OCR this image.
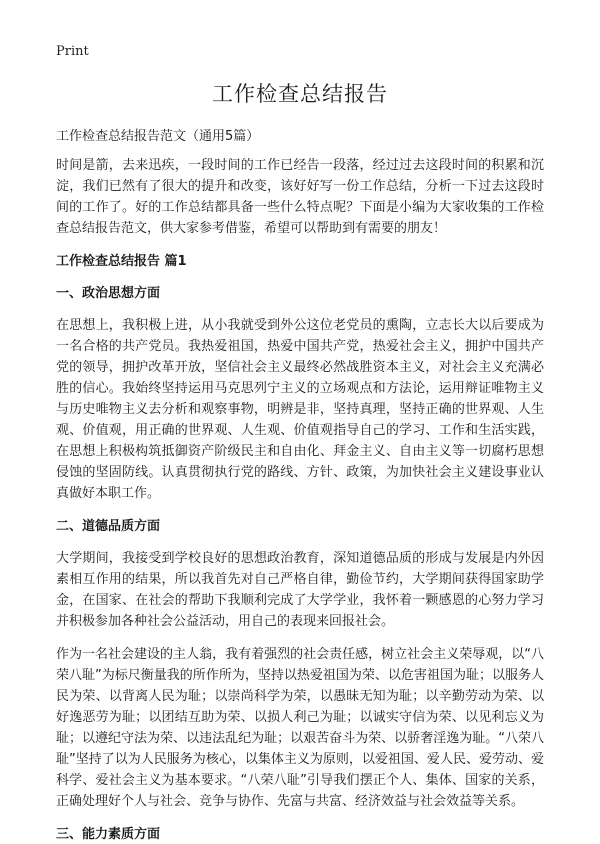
Print
工作检查总结报告
工作检查总结报告范文（通用5篇）

时间是箭，去来迅疾，一段时间的工作已经告一段落，经过过去这段时间的积累和沉淀，我们已然有了很大的提升和改变，该好好写一份工作总结，分析一下过去这段时间的工作了。好的工作总结都具备一些什么特点呢？下面是小编为大家收集的工作检查总结报告范文，供大家参考借鉴，希望可以帮助到有需要的朋友！

工作检查总结报告 篇1
一、政治思想方面

在思想上，我积极上进，从小我就受到外公这位老党员的熏陶，立志长大以后要成为一名合格的共产党员。我热爱祖国，热爱中国共产党，热爱社会主义，拥护中国共产党的领导，拥护改革开放，坚信社会主义最终必然战胜资本主义，对社会主义充满必胜的信心。我始终坚持运用马克思列宁主义的立场观点和方法论，运用辩证唯物主义与历史唯物主义去分析和观察事物，明辨是非，坚持真理，坚持正确的世界观、人生观、价值观，用正确的世界观、人生观、价值观指导自己的学习、工作和生活实践，在思想上积极构筑抵御资产阶级民主和自由化、拜金主义、自由主义等一切腐朽思想侵蚀的坚固防线。认真贯彻执行党的路线、方针、政策，为加快社会主义建设事业认真做好本职工作。

二、道德品质方面

大学期间，我接受到学校良好的思想政治教育，深知道德品质的形成与发展是内外因素相互作用的结果，所以我首先对自己严格自律，勤俭节约，大学期间获得国家助学金，在国家、在社会的帮助下我顺利完成了大学学业，我怀着一颗感恩的心努力学习并积极参加各种社会公益活动，用自己的表现来回报社会。

作为一名社会建设的主人翁，我有着强烈的社会责任感，树立社会主义荣辱观，以“八荣八耻”为标尺衡量我的所作所为，坚持以热爱祖国为荣、以危害祖国为耻；以服务人民为荣、以背离人民为耻；以崇尚科学为荣，以愚昧无知为耻；以辛勤劳动为荣、以好逸恶劳为耻；以团结互助为荣、以损人利己为耻；以诚实守信为荣、以见利忘义为耻；以遵纪守法为荣、以违法乱纪为耻；以艰苦奋斗为荣、以骄奢淫逸为耻。“八荣八耻”坚持了以为人民服务为核心，以集体主义为原则，以爱祖国、爱人民、爱劳动、爱科学、爱社会主义为基本要求。“八荣八耻”引导我们摆正个人、集体、国家的关系，正确处理好个人与社会、竞争与协作、先富与共富、经济效益与社会效益等关系。

三、能力素质方面
